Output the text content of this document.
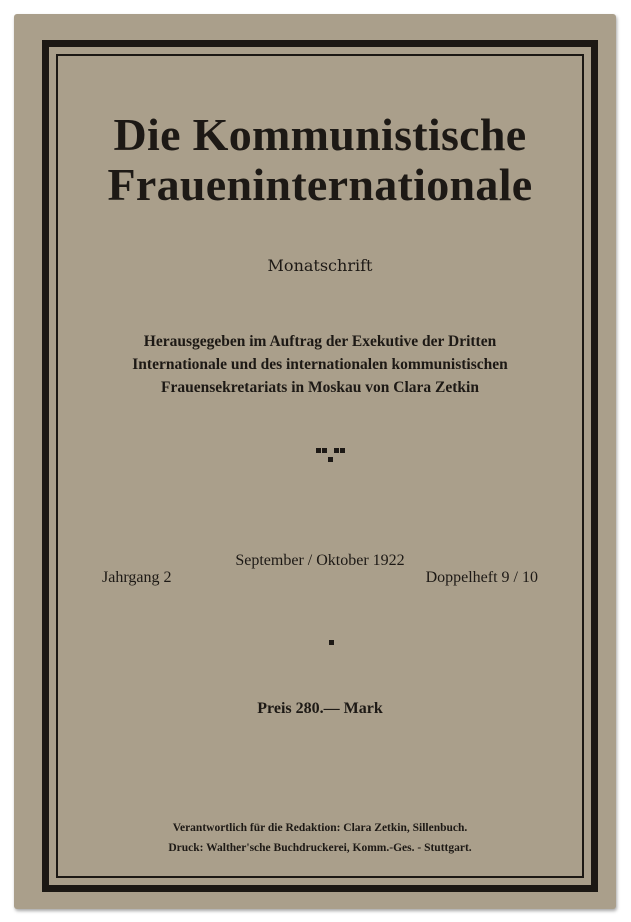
Die Kommunistische
Fraueninternationale
Monatschrift
Herausgegeben im Auftrag der Exekutive der Dritten
Internationale und des internationalen kommunistischen
Frauensekretariats in Moskau von Clara Zetkin
September / Oktober 1922
Jahrgang 2	Doppelheft 9 / 10
Preis 280.— Mark
Verantwortlich für die Redaktion: Clara Zetkin, Sillenbuch.
Druck: Walther'sche Buchdruckerei, Komm.-Ges. - Stuttgart.
